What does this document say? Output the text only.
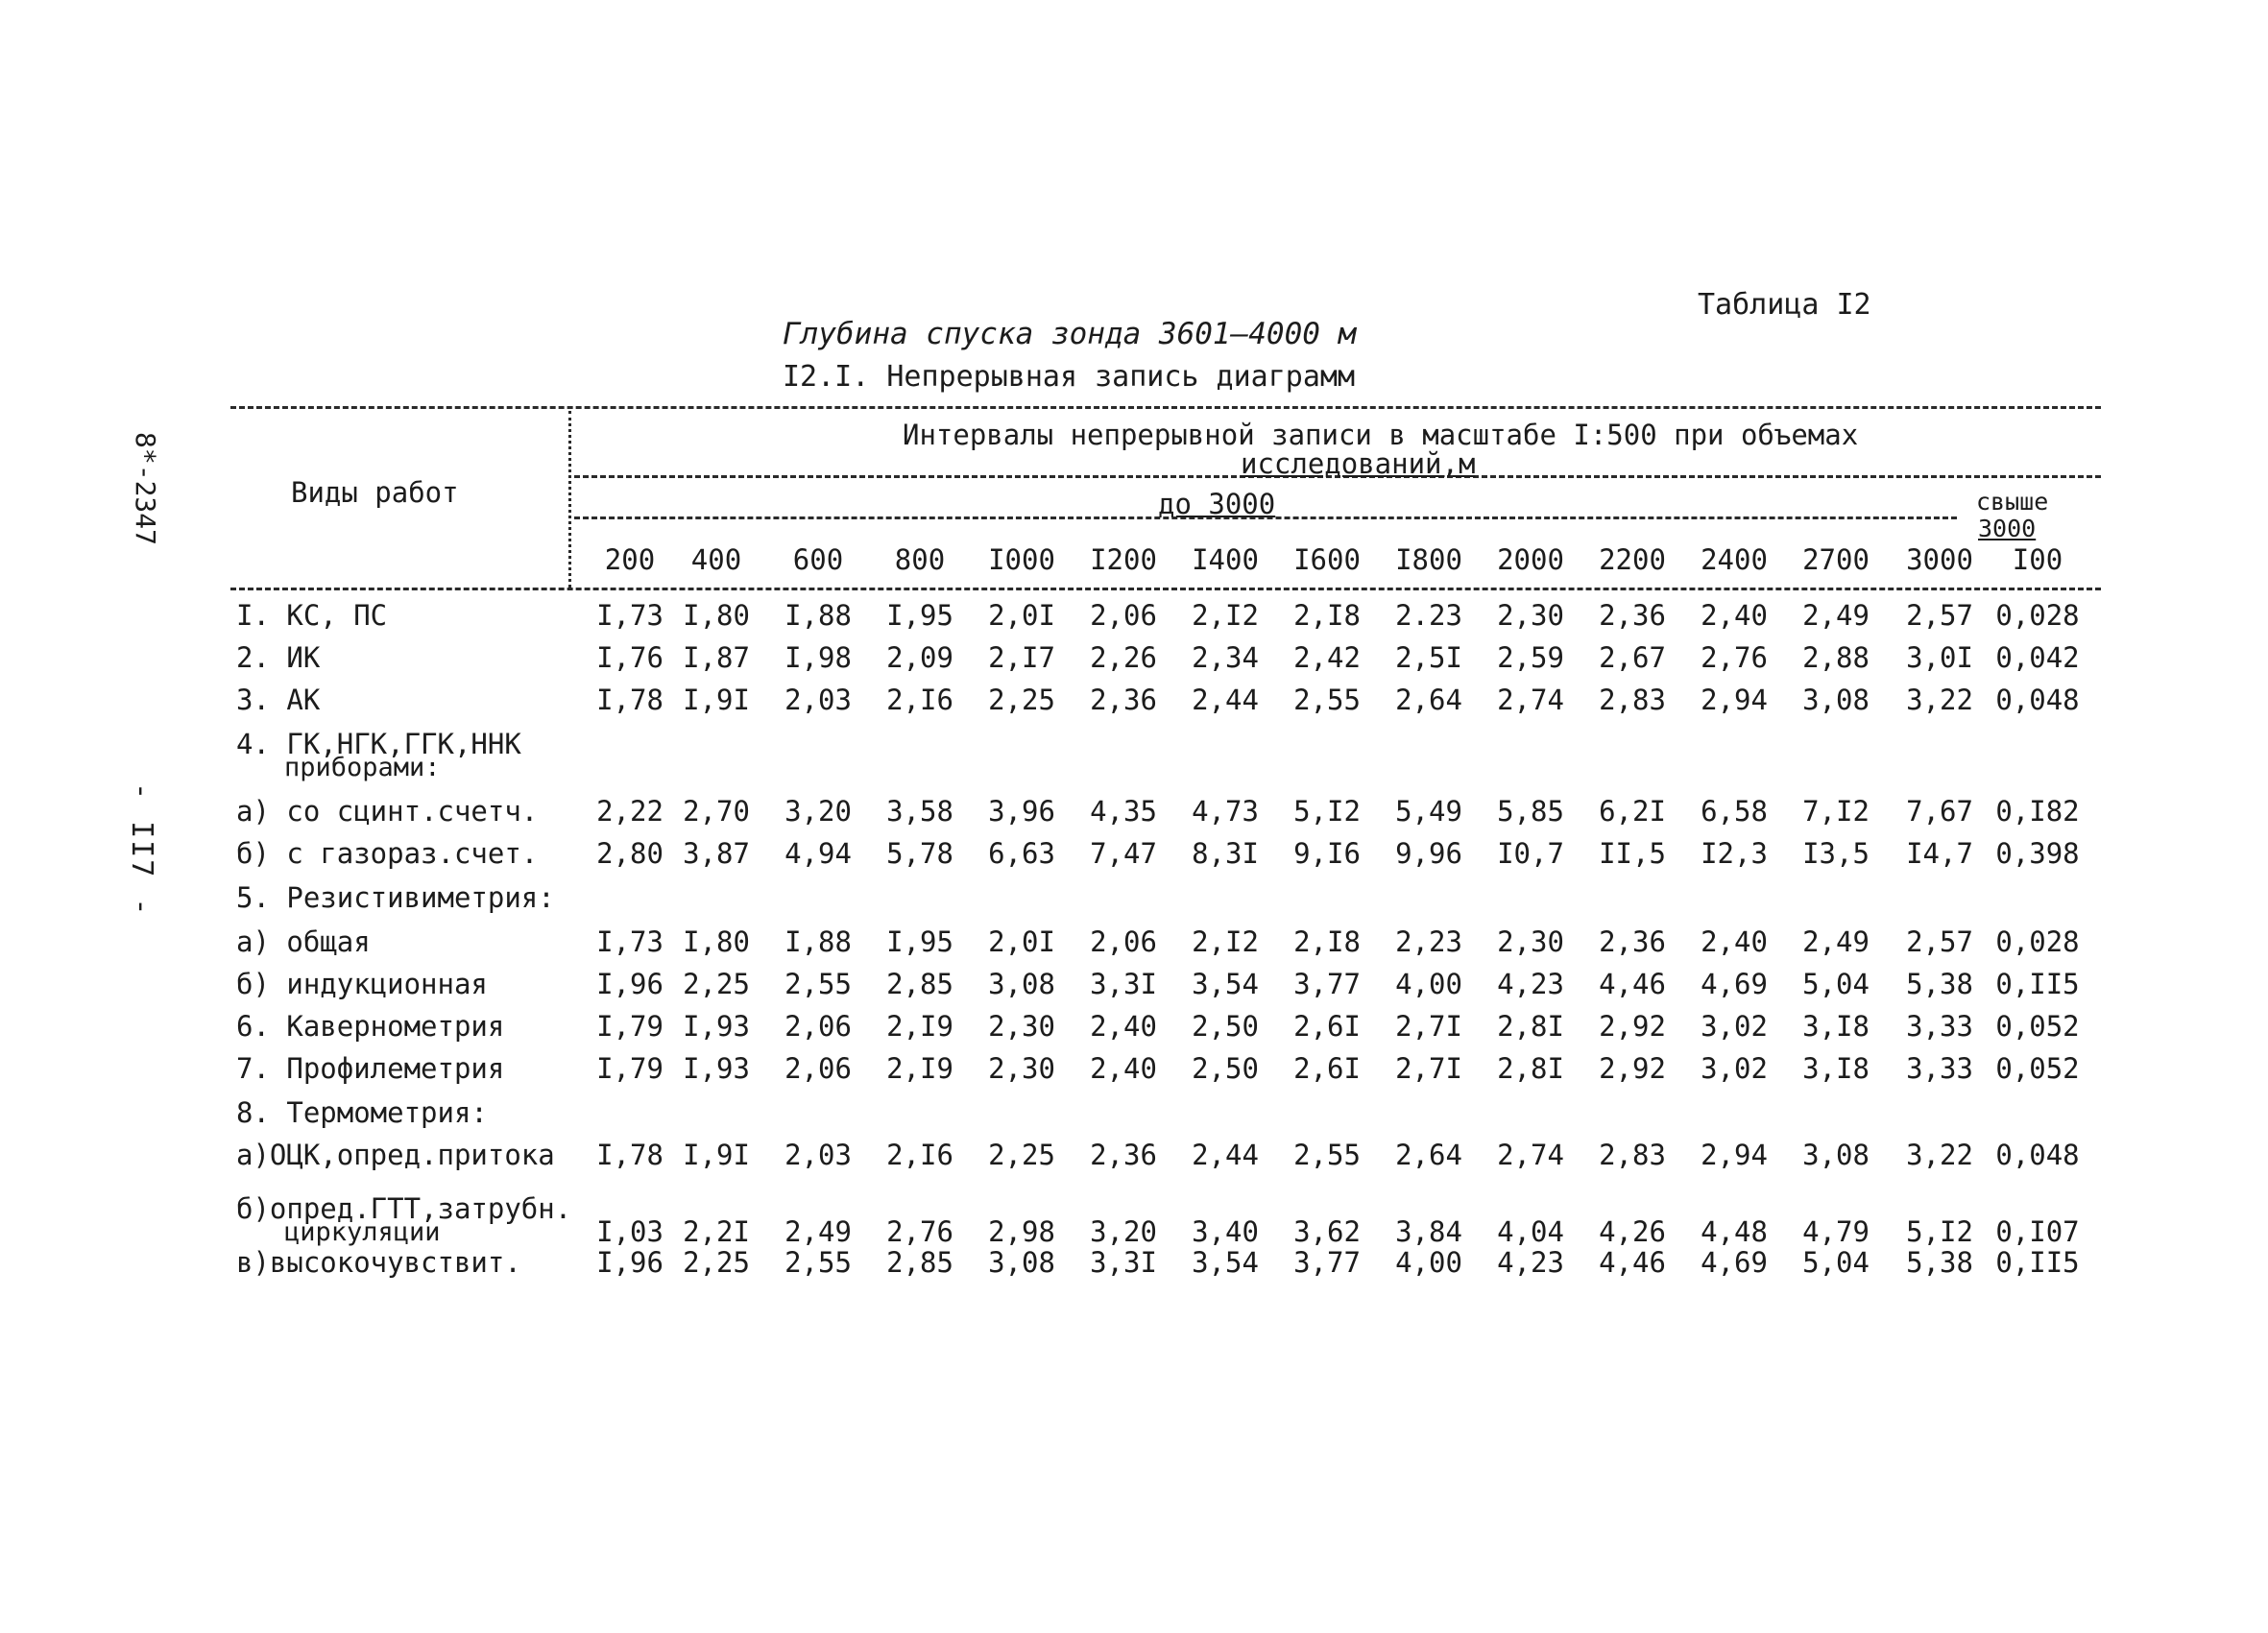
Таблица I2
Глубина спуска зонда 3601–4000 м
I2.I. Непрерывная запись диаграмм
8*-2347
- II7 -
Виды работ
Интервалы непрерывной записи в масштабе I:500 при объемах
исследований,м
до 3000	свыше
3000
200	400	600	800	I000	I200	I400	I600	I800	2000	2200	2400	2700	3000	I00
I. КС, ПС	I,73 I,80	I,88	I,95	2,0I	2,06	2,I2	2,I8	2.23	2,30	2,36	2,40	2,49	2,57 0,028
2. ИК	I,76 I,87	I,98	2,09	2,I7	2,26	2,34	2,42	2,5I	2,59	2,67	2,76	2,88	3,0I 0,042
3. АК	I,78 I,9I	2,03	2,I6	2,25	2,36	2,44	2,55	2,64	2,74	2,83	2,94	3,08	3,22 0,048
4. ГК,НГК,ГГК,ННК
приборами:
а) со сцинт.счетч.	2,22 2,70	3,20	3,58	3,96	4,35	4,73	5,I2	5,49	5,85	6,2I	6,58	7,I2	7,67 0,I82
б) с газораз.счет.	2,80 3,87	4,94	5,78	6,63	7,47	8,3I	9,I6	9,96	I0,7	II,5	I2,3	I3,5	I4,7 0,398
5. Резистивиметрия:
а) общая	I,73 I,80	I,88	I,95	2,0I	2,06	2,I2	2,I8	2,23	2,30	2,36	2,40	2,49	2,57 0,028
б) индукционная	I,96 2,25	2,55	2,85	3,08	3,3I	3,54	3,77	4,00	4,23	4,46	4,69	5,04	5,38 0,II5
6. Кавернометрия	I,79 I,93	2,06	2,I9	2,30	2,40	2,50	2,6I	2,7I	2,8I	2,92	3,02	3,I8	3,33 0,052
7. Профилеметрия	I,79 I,93	2,06	2,I9	2,30	2,40	2,50	2,6I	2,7I	2,8I	2,92	3,02	3,I8	3,33 0,052
8. Термометрия:
а)ОЦК,опред.притока	I,78 I,9I	2,03	2,I6	2,25	2,36	2,44	2,55	2,64	2,74	2,83	2,94	3,08	3,22 0,048
б)опред.ГТТ,затрубн.
циркуляции	I,03 2,2I	2,49	2,76	2,98	3,20	3,40	3,62	3,84	4,04	4,26	4,48	4,79	5,I2 0,I07
в)высокочувствит.	I,96 2,25	2,55	2,85	3,08	3,3I	3,54	3,77	4,00	4,23	4,46	4,69	5,04	5,38 0,II5
